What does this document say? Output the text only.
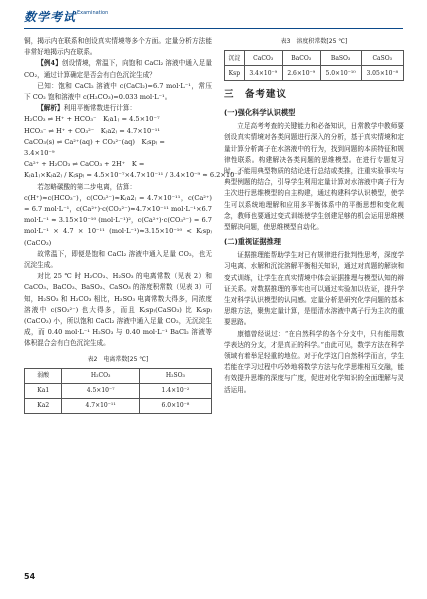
数学考试 Examination

铜，揭示内在联系和创设真实情境等多个方面。定量分析方法能非常好地揭示内在联系。

【例4】创设情境，常温下，向饱和 CaCl₂ 溶液中通入足量 CO₂，通过计算确定是否会有白色沉淀生成？

已知：饱和 CaCl₂ 溶液中 c(CaCl₂)=6.7 mol·L⁻¹，常压下 CO₂ 饱和溶液中 c(H₂CO₃)=0.033 mol·L⁻¹。

【解析】利用平衡常数进行计算：

H₂CO₃ ⇌ H⁺ + HCO₃⁻　K₍a1₎ = 4.5×10⁻⁷

HCO₃⁻ ⇌ H⁺ + CO₃²⁻　K₍a2₎ = 4.7×10⁻¹¹

CaCO₃(s) ⇌ Ca²⁺(aq) + CO₃²⁻(aq)　K₍sp₎ =

3.4×10⁻⁹

Ca²⁺ + H₂CO₃ ⇌ CaCO₃ + 2H⁺　K =

K₍a1₎×K₍a2₎ / K₍sp₎ = 4.5×10⁻⁷×4.7×10⁻¹¹ / 3.4×10⁻⁹ ≈ 6.2×10⁻⁹

若忽略碳酸的第二步电离，估算：

c(H⁺)≈c(HCO₃⁻)，c(CO₃²⁻)≈K₍a2₎ = 4.7×10⁻¹¹，c(Ca²⁺) = 6.7 mol·L⁻¹，c(Ca²⁺)·c(CO₃²⁻)≈4.7×10⁻¹¹ mol·L⁻¹×6.7 mol·L⁻¹ ≈ 3.15×10⁻¹⁰ (mol·L⁻¹)²，c(Ca²⁺)·c(CO₃²⁻) = 6.7 mol·L⁻¹ × 4.7 × 10⁻¹¹ (mol·L⁻¹)≈3.15×10⁻¹⁰ < K₍sp₎(CaCO₃)

故常温下，即便是饱和 CaCl₂ 溶液中通入足量 CO₂，也无沉淀生成。

对比 25 ℃ 时 H₂CO₃、H₂SO₃ 的电离常数（见表 2）和 CaCO₃、BaCO₃、BaSO₃、CaSO₃ 的溶度积常数（见表 3）可知，H₂SO₃ 和 H₂CO₃ 相比，H₂SO₃ 电离常数大得多，同浓度溶液中 c(SO₃²⁻) 也大得多，而且 K₍sp₎(CaSO₃) 比 K₍sp₎(CaCO₃) 小，所以饱和 CaCl₂ 溶液中通入足量 CO₂，无沉淀生成，而 0.40 mol·L⁻¹ H₂SO₃ 与 0.40 mol·L⁻¹ BaCl₂ 溶液等体积混合会有白色沉淀生成。

表2　电离常数[25 ℃]
弱酸	H₂CO₃	H₂SO₃
Ka1	4.5×10⁻⁷	1.4×10⁻²
Ka2	4.7×10⁻¹¹	6.0×10⁻⁸
表3　溶度积常数[25 ℃]
沉淀	CaCO₃	BaCO₃	BaSO₃	CaSO₃
Ksp	3.4×10⁻⁹	2.6×10⁻⁹	5.0×10⁻¹⁰	3.05×10⁻⁸
三　备考建议
(一)强化科学认识模型

立足高考考查的关键能力和必备知识，日常教学中教师要创设真实情境对各类问题进行深入的分析，基于真实情境和定量计算分析离子在水溶液中的行为，找到问题的本质特征和规律性联系。构建解决各类问题的思维模型。在进行专题复习时，不能用典型物质的结论进行总结或类推，注重实验事实与典型例题的结合，引导学生利用定量计算对水溶液中离子行为主次进行思维模型的自主构建，通过构建科学认识模型，使学生可以系统地理解和应用多平衡体系中的平衡思想和变化观念，教师也要通过变式训练使学生创建足够的机会运用思维模型解决问题，使思维模型自动化。

(二)重视证据推理

证据推理能帮助学生对已有规律进行批判性思考，深度学习电离、水解和沉淀溶解平衡相关知识，通过对真题的解读和变式训练，让学生在真实情境中体会证据推理与模型认知的辩证关系。对数据推理的事实也可以通过实验加以佐证，提升学生对科学认识模型的认同感。定量分析是研究化学问题的基本思维方法，聚焦定量计算，是厘清水溶液中离子行为主次的重要思路。

康德曾经说过：“在自然科学的各个分支中，只有能用数学表达的分支，才是真正的科学。”由此可见，数学方法在科学领域有着举足轻重的地位。对于化学这门自然科学而言，学生若能在学习过程中巧妙地将数学方法与化学思维相互交融，能有效提升思维的深度与广度，促进对化学知识的全面理解与灵活运用。

54
